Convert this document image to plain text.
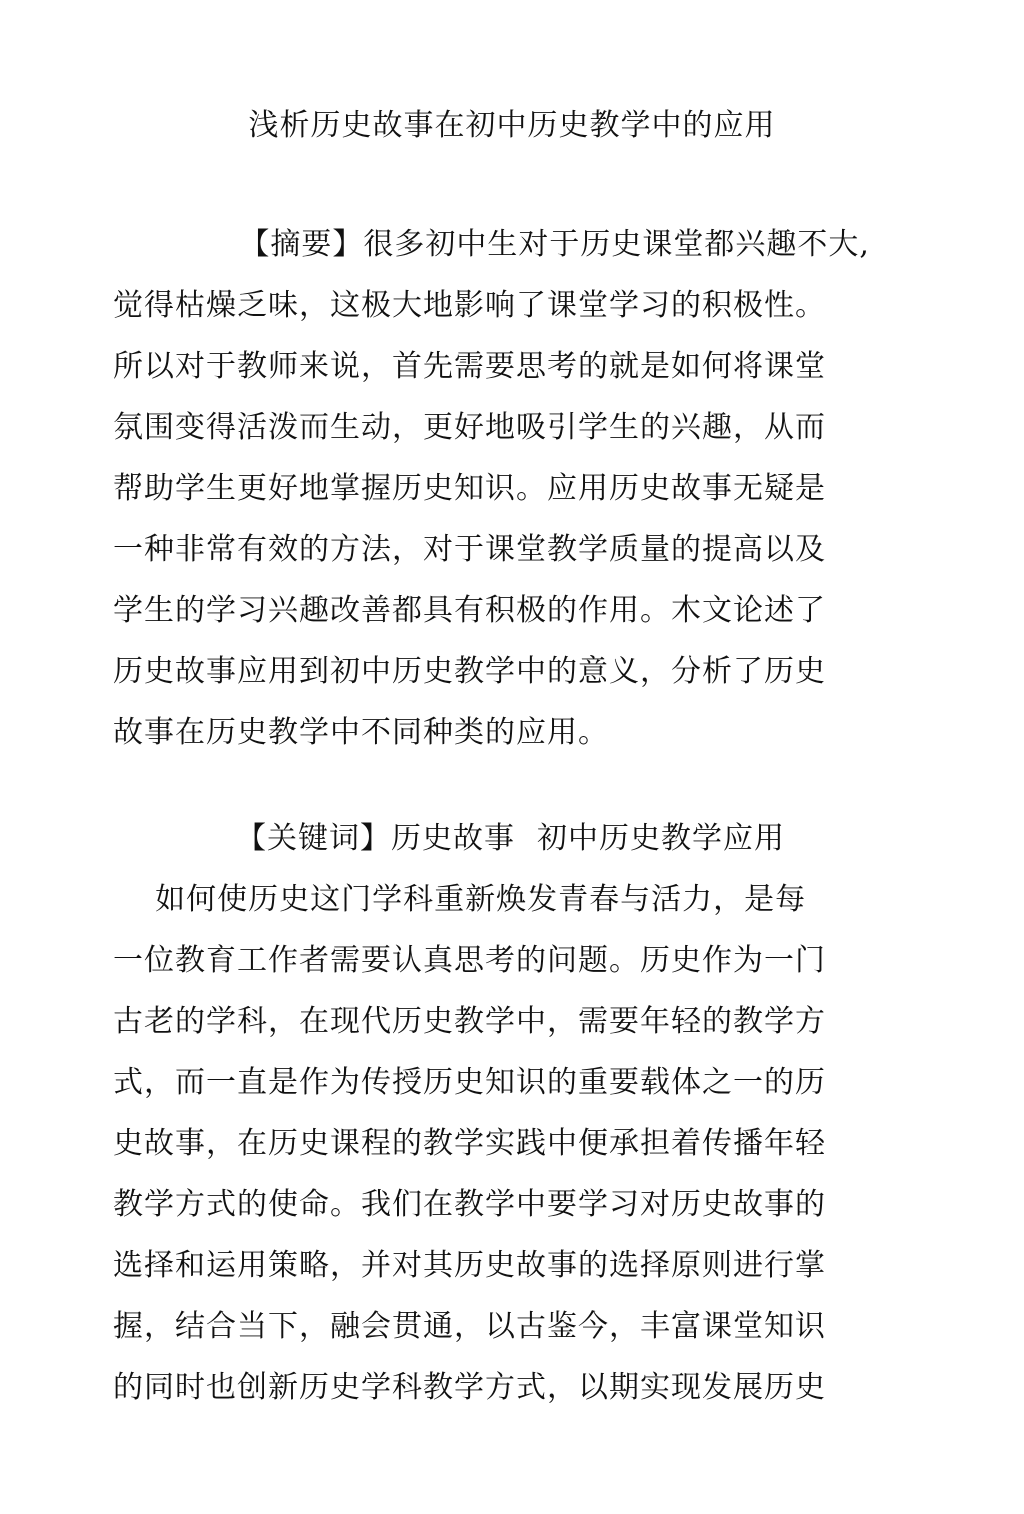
浅析历史故事在初中历史教学中的应用
【摘要】很多初中生对于历史课堂都兴趣不大,
觉得枯燥乏味，这极大地影响了课堂学习的积极性。
所以对于教师来说，首先需要思考的就是如何将课堂
氛围变得活泼而生动，更好地吸引学生的兴趣，从而
帮助学生更好地掌握历史知识。应用历史故事无疑是
一种非常有效的方法，对于课堂教学质量的提高以及
学生的学习兴趣改善都具有积极的作用。木文论述了
历史故事应用到初中历史教学中的意义，分析了历史
故事在历史教学中不同种类的应用。
【关键词】历史故事 初中历史教学应用
如何使历史这门学科重新焕发青春与活力，是每
一位教育工作者需要认真思考的问题。历史作为一门
古老的学科，在现代历史教学中，需要年轻的教学方
式，而一直是作为传授历史知识的重要载体之一的历
史故事，在历史课程的教学实践中便承担着传播年轻
教学方式的使命。我们在教学中要学习对历史故事的
选择和运用策略，并对其历史故事的选择原则进行掌
握，结合当下，融会贯通，以古鉴今，丰富课堂知识
的同时也创新历史学科教学方式，以期实现发展历史
